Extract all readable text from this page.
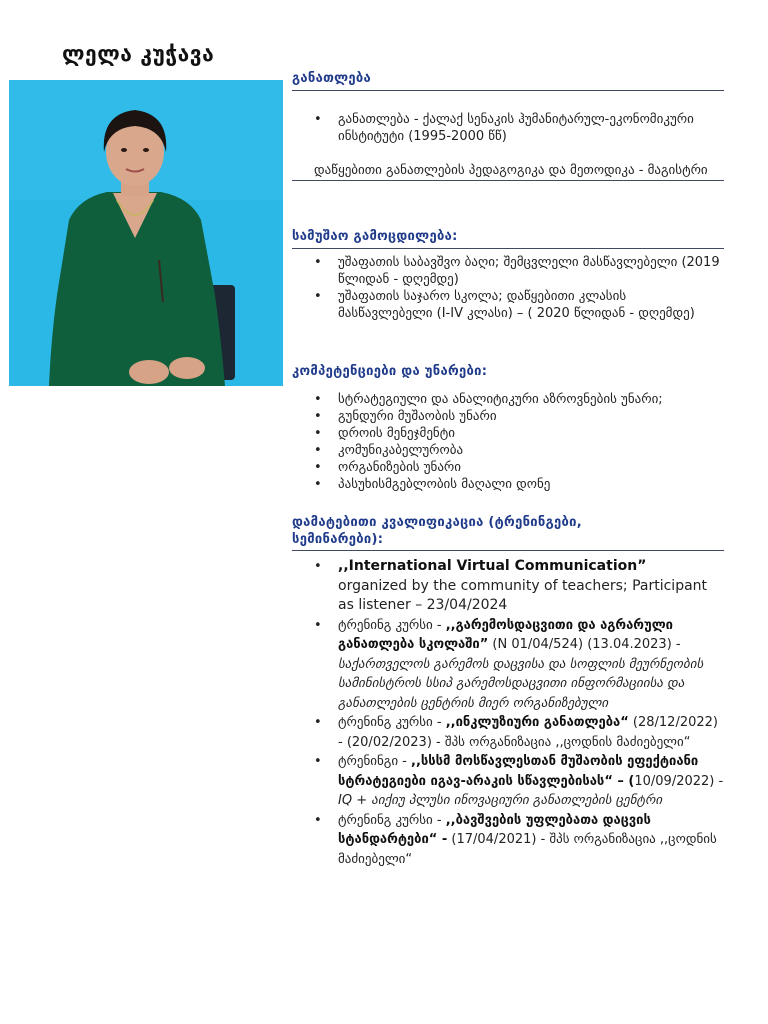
ლელა კუჭავა
განათლება
• განათლება - ქალაქ სენაკის ჰუმანიტარულ-ეკონომიკური ინსტიტუტი (1995-2000 წწ)
დაწყებითი განათლების პედაგოგიკა და მეთოდიკა - მაგისტრი
სამუშაო გამოცდილება:
• უშაფათის საბავშვო ბაღი; შემცვლელი მასწავლებელი (2019 წლიდან - დღემდე)
• უშაფათის საჯარო სკოლა; დაწყებითი კლასის მასწავლებელი (I-IV კლასი) – ( 2020 წლიდან - დღემდე)
კომპეტენციები და უნარები:
• სტრატეგიული და ანალიტიკური აზროვნების უნარი;
• გუნდური მუშაობის უნარი
• დროის მენეჯმენტი
• კომუნიკაბელურობა
• ორგანიზების უნარი
• პასუხისმგებლობის მაღალი დონე
დამატებითი კვალიფიკაცია (ტრენინგები, სემინარები):
• ,,International Virtual Communication”
organized by the community of teachers; Participant as listener – 23/04/2024
• ტრენინგ კურსი - ,,გარემოსდაცვითი და აგრარული განათლება სკოლაში” (N 01/04/524) (13.04.2023) -
საქართველოს გარემოს დაცვისა და სოფლის მეურნეობის სამინისტროს სსიპ გარემოსდაცვითი ინფორმაციისა და განათლების ცენტრის მიერ ორგანიზებული
• ტრენინგ კურსი - ,,ინკლუზიური განათლება“ (28/12/2022) - (20/02/2023) - შპს ორგანიზაცია ,,ცოდნის მაძიებელი“
• ტრენინგი - ,,სსსმ მოსწავლესთან მუშაობის ეფექტიანი სტრატეგიები იგავ-არაკის სწავლებისას“ – (10/09/2022) - IQ + აიქიუ პლუსი ინოვაციური განათლების ცენტრი
• ტრენინგ კურსი - ,,ბავშვების უფლებათა დაცვის სტანდარტები“ - (17/04/2021) - შპს ორგანიზაცია ,,ცოდნის მაძიებელი“
